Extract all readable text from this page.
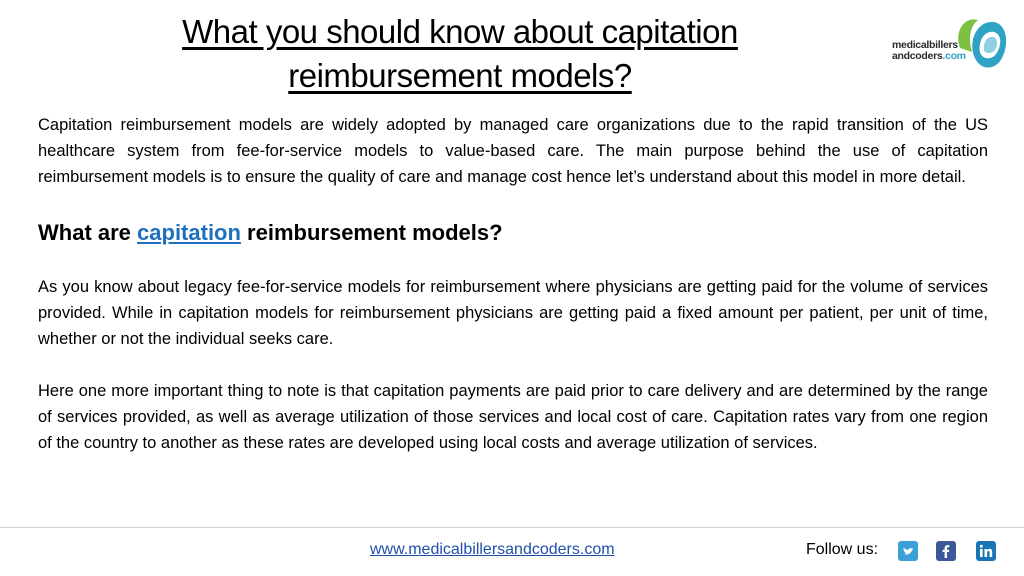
What you should know about capitation
reimbursement models?
medicalbillers
andcoders.com

Capitation reimbursement models are widely adopted by managed care organizations due to the rapid transition of the US healthcare system from fee-for-service models to value-based care. The main purpose behind the use of capitation reimbursement models is to ensure the quality of care and manage cost hence let’s understand about this model in more detail.

What are capitation reimbursement models?

As you know about legacy fee-for-service models for reimbursement where physicians are getting paid for the volume of services provided. While in capitation models for reimbursement physicians are getting paid a fixed amount per patient, per unit of time, whether or not the individual seeks care.

Here one more important thing to note is that capitation payments are paid prior to care delivery and are determined by the range of services provided, as well as average utilization of those services and local cost of care. Capitation rates vary from one region of the country to another as these rates are developed using local costs and average utilization of services.

www.medicalbillersandcoders.com	Follow us:
